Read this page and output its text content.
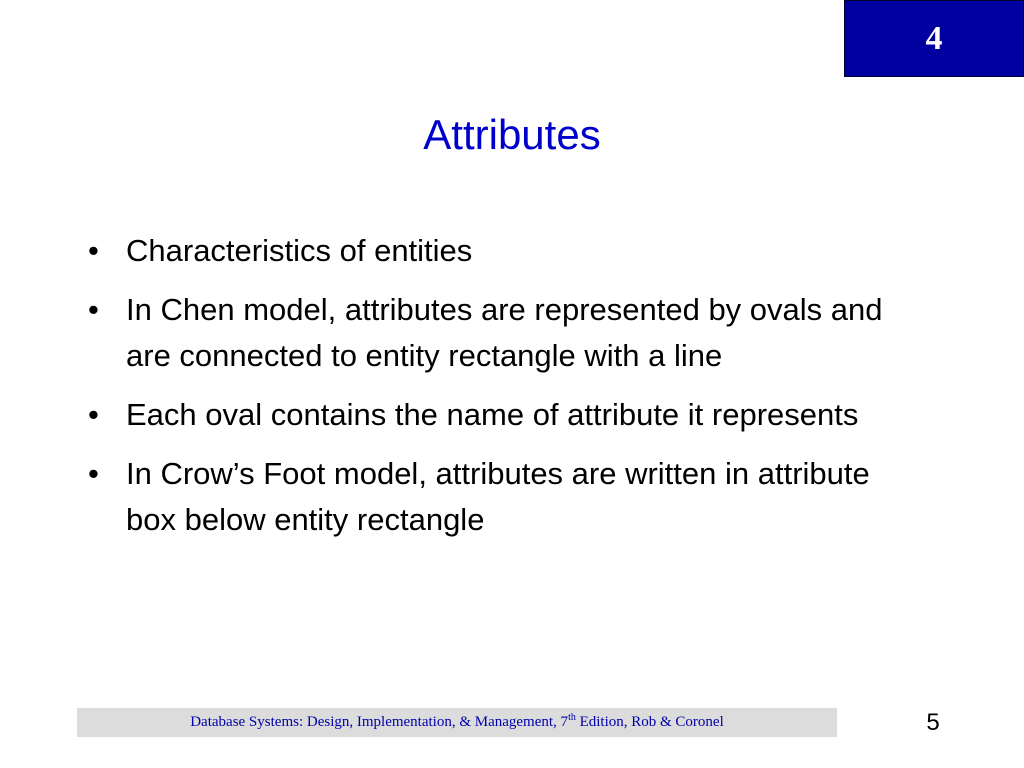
4
Attributes
• Characteristics of entities
• In Chen model, attributes are represented by ovals and are connected to entity rectangle with a line
• Each oval contains the name of attribute it represents
• In Crow’s Foot model, attributes are written in attribute box below entity rectangle
Database Systems: Design, Implementation, & Management, 7th Edition, Rob & Coronel	5
